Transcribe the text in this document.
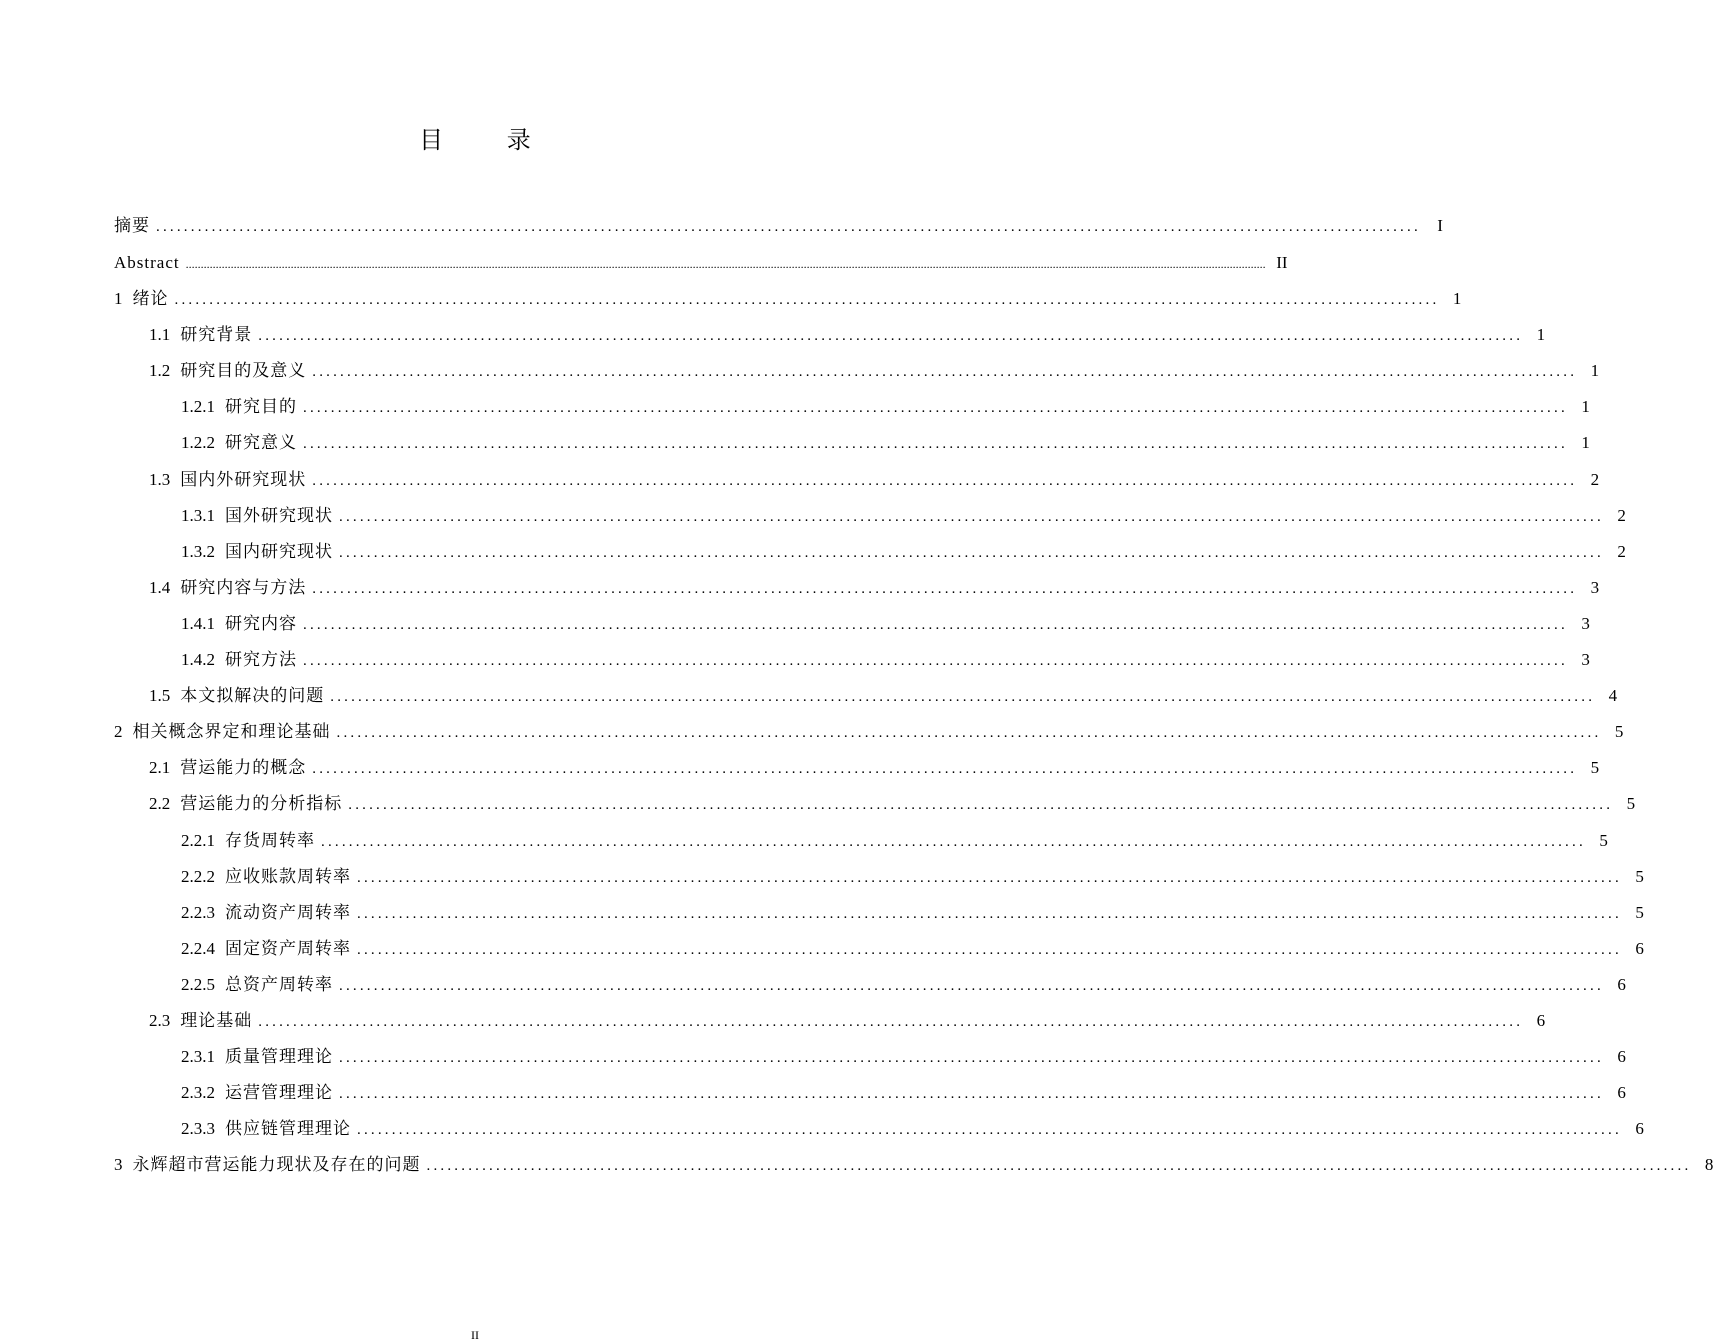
目 录
摘要 ...................................................................................................................................................................................... I
Abstract ........................................................................................................................................................................................................................................................................................................................................................................ II
1 绪论 ...................................................................................................................................................................................... 1
1.1 研究背景 ...................................................................................................................................................................................... 1
1.2 研究目的及意义 ...................................................................................................................................................................................... 1
1.2.1 研究目的 ...................................................................................................................................................................................... 1
1.2.2 研究意义 ...................................................................................................................................................................................... 1
1.3 国内外研究现状 ...................................................................................................................................................................................... 2
1.3.1 国外研究现状 ...................................................................................................................................................................................... 2
1.3.2 国内研究现状 ...................................................................................................................................................................................... 2
1.4 研究内容与方法 ...................................................................................................................................................................................... 3
1.4.1 研究内容 ...................................................................................................................................................................................... 3
1.4.2 研究方法 ...................................................................................................................................................................................... 3
1.5 本文拟解决的问题 ...................................................................................................................................................................................... 4
2 相关概念界定和理论基础 ...................................................................................................................................................................................... 5
2.1 营运能力的概念 ...................................................................................................................................................................................... 5
2.2 营运能力的分析指标 ...................................................................................................................................................................................... 5
2.2.1 存货周转率 ...................................................................................................................................................................................... 5
2.2.2 应收账款周转率 ...................................................................................................................................................................................... 5
2.2.3 流动资产周转率 ...................................................................................................................................................................................... 5
2.2.4 固定资产周转率 ...................................................................................................................................................................................... 6
2.2.5 总资产周转率 ...................................................................................................................................................................................... 6
2.3 理论基础 ...................................................................................................................................................................................... 6
2.3.1 质量管理理论 ...................................................................................................................................................................................... 6
2.3.2 运营管理理论 ...................................................................................................................................................................................... 6
2.3.3 供应链管理理论 ...................................................................................................................................................................................... 6
3 永辉超市营运能力现状及存在的问题 ...................................................................................................................................................................................... 8
II
